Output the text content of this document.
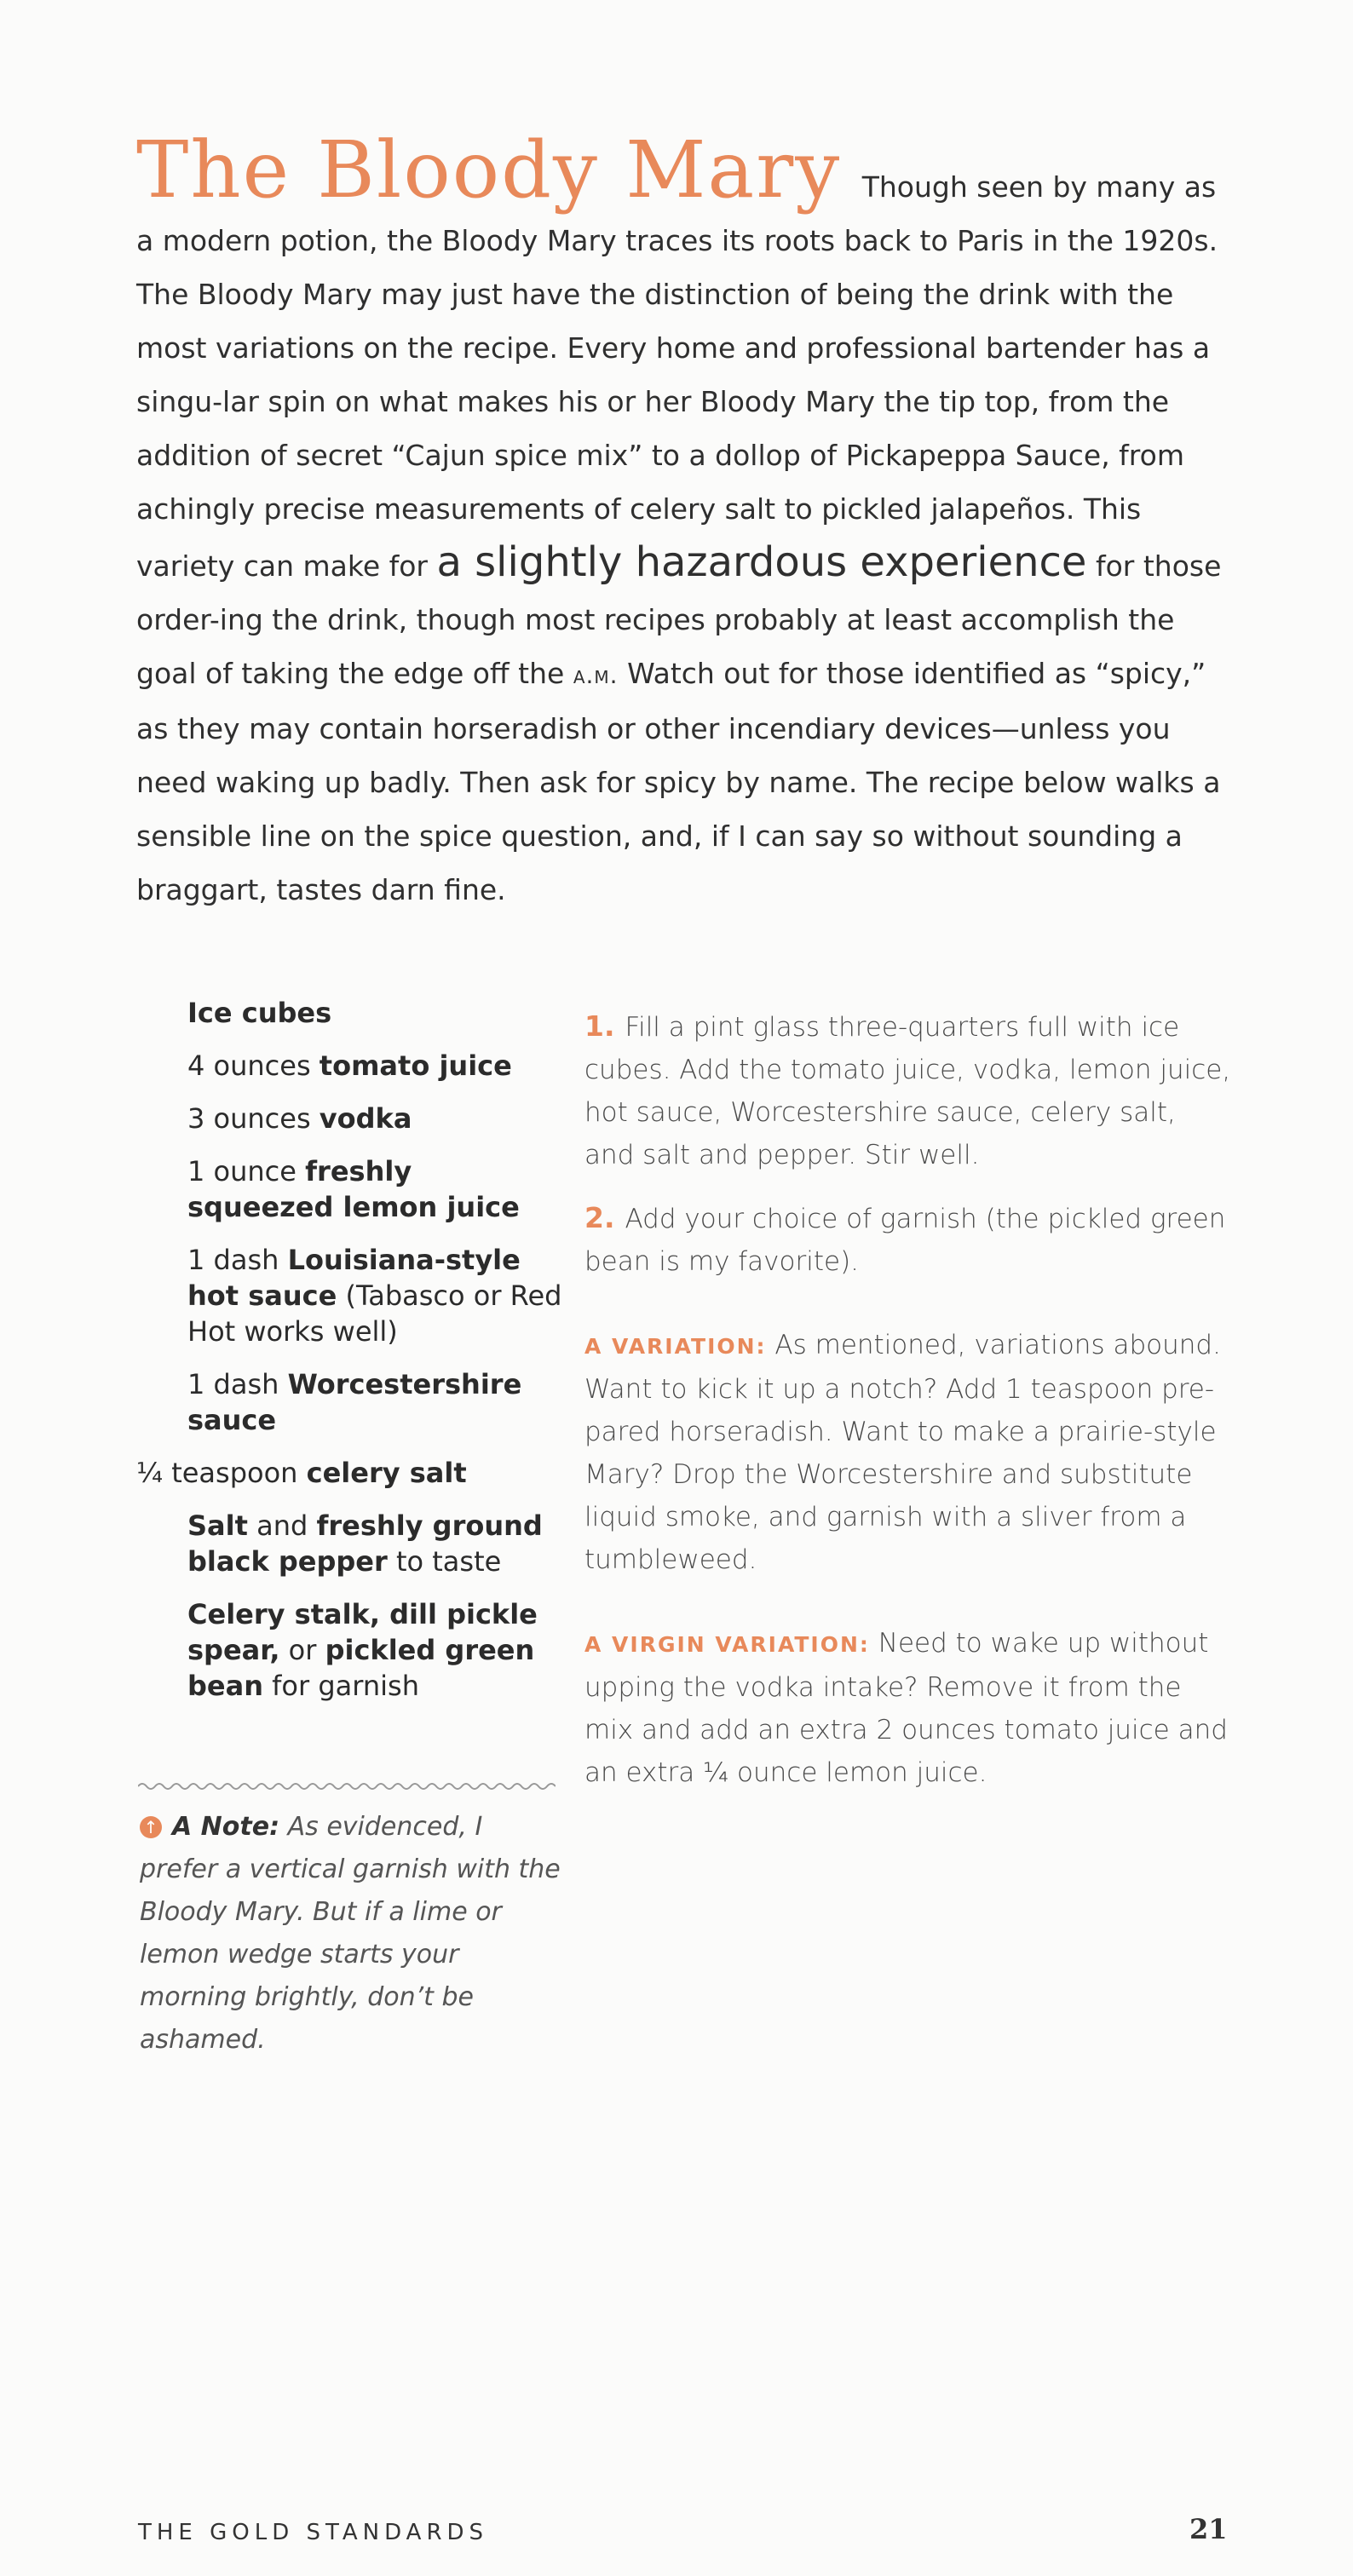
The Bloody Mary Though seen by many as a modern potion, the Bloody Mary traces its roots back to Paris in the 1920s. The Bloody Mary may just have the distinction of being the drink with the most variations on the recipe. Every home and professional bartender has a singu-lar spin on what makes his or her Bloody Mary the tip top, from the addition of secret “Cajun spice mix” to a dollop of Pickapeppa Sauce, from achingly precise measurements of celery salt to pickled jalapeños. This variety can make for a slightly hazardous experience for those order-ing the drink, though most recipes probably at least accomplish the goal of taking the edge off the a.m. Watch out for those identified as “spicy,” as they may contain horseradish or other incendiary devices—unless you need waking up badly. Then ask for spicy by name. The recipe below walks a sensible line on the spice question, and, if I can say so without sounding a braggart, tastes darn fine.
Ice cubes
4 ounces tomato juice
3 ounces vodka
1 ounce freshly squeezed lemon juice
1 dash Louisiana-style hot sauce (Tabasco or Red Hot works well)
1 dash Worcestershire sauce
¼ teaspoon celery salt
Salt and freshly ground black pepper to taste
Celery stalk, dill pickle spear, or pickled green bean for garnish
↑ A Note: As evidenced, I prefer a vertical garnish with the Bloody Mary. But if a lime or lemon wedge starts your morning brightly, don’t be ashamed.

1. Fill a pint glass three-quarters full with ice cubes. Add the tomato juice, vodka, lemon juice, hot sauce, Worcestershire sauce, celery salt, and salt and pepper. Stir well.

2. Add your choice of garnish (the pickled green bean is my favorite).

A VARIATION: As mentioned, variations abound. Want to kick it up a notch? Add 1 teaspoon pre-pared horseradish. Want to make a prairie-style Mary? Drop the Worcestershire and substitute liquid smoke, and garnish with a sliver from a tumbleweed.

A VIRGIN VARIATION: Need to wake up without upping the vodka intake? Remove it from the mix and add an extra 2 ounces tomato juice and an extra ¼ ounce lemon juice.

THE GOLD STANDARDS	21
